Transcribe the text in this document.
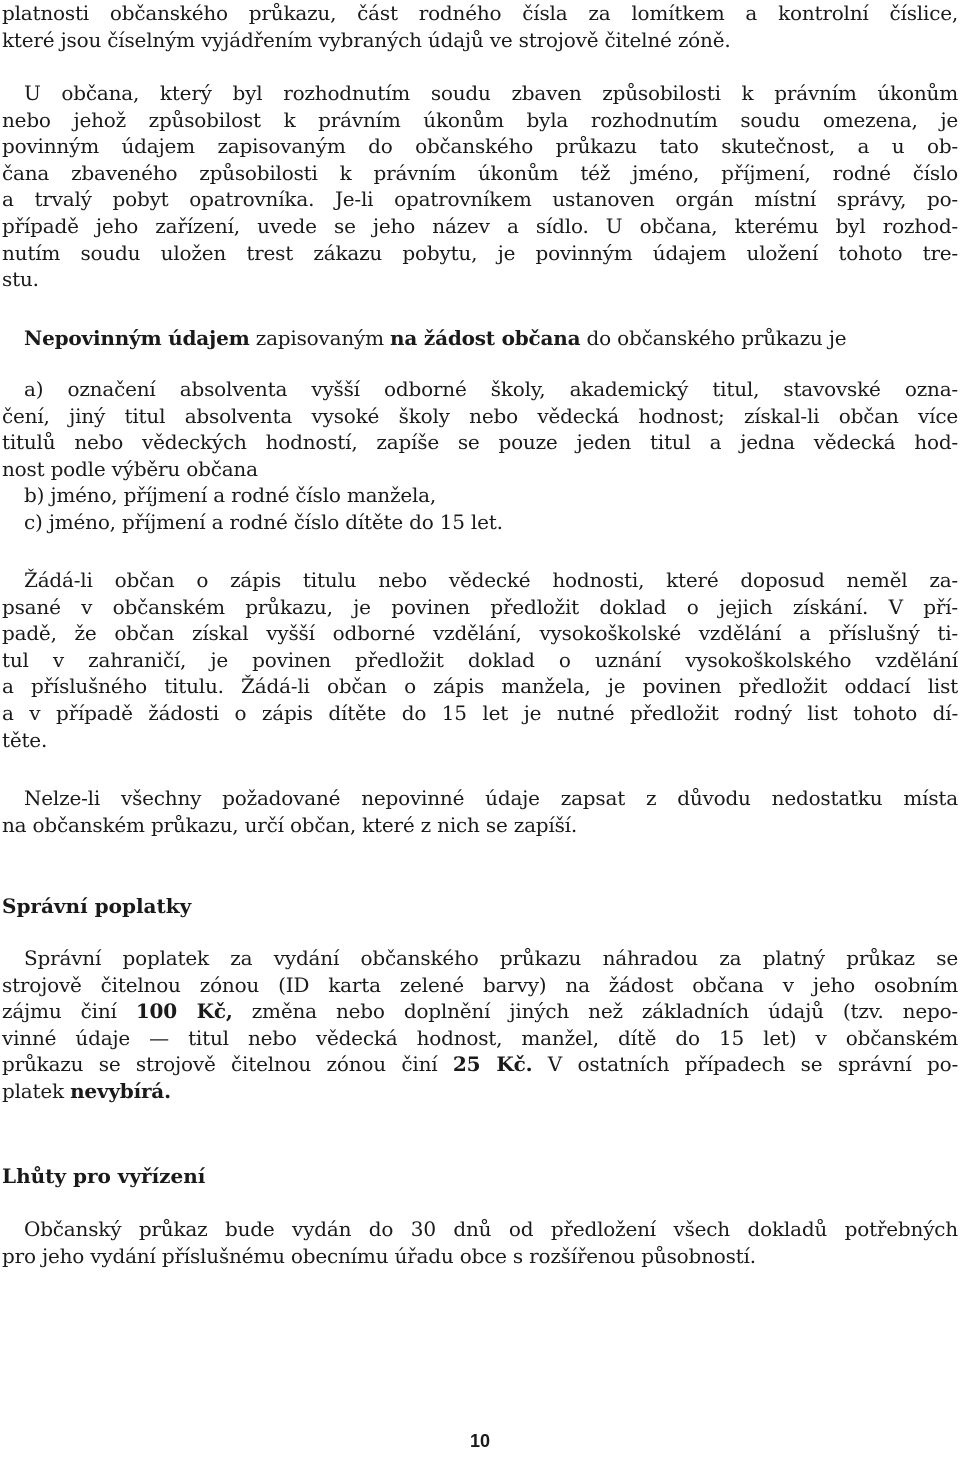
platnosti občanského průkazu, část rodného čísla za lomítkem a kontrolní číslice,
které jsou číselným vyjádřením vybraných údajů ve strojově čitelné zóně.
U občana, který byl rozhodnutím soudu zbaven způsobilosti k právním úkonům
nebo jehož způsobilost k právním úkonům byla rozhodnutím soudu omezena, je
povinným údajem zapisovaným do občanského průkazu tato skutečnost, a u ob-
čana zbaveného způsobilosti k právním úkonům též jméno, příjmení, rodné číslo
a trvalý pobyt opatrovníka. Je-li opatrovníkem ustanoven orgán místní správy, po-
případě jeho zařízení, uvede se jeho název a sídlo. U občana, kterému byl rozhod-
nutím soudu uložen trest zákazu pobytu, je povinným údajem uložení tohoto tre-
stu.
Nepovinným údajem zapisovaným na žádost občana do občanského průkazu je
a) označení absolventa vyšší odborné školy, akademický titul, stavovské ozna-
čení, jiný titul absolventa vysoké školy nebo vědecká hodnost; získal-li občan více
titulů nebo vědeckých hodností, zapíše se pouze jeden titul a jedna vědecká hod-
nost podle výběru občana
b) jméno, příjmení a rodné číslo manžela,
c) jméno, příjmení a rodné číslo dítěte do 15 let.
Žádá-li občan o zápis titulu nebo vědecké hodnosti, které doposud neměl za-
psané v občanském průkazu, je povinen předložit doklad o jejich získání. V pří-
padě, že občan získal vyšší odborné vzdělání, vysokoškolské vzdělání a příslušný ti-
tul v zahraničí, je povinen předložit doklad o uznání vysokoškolského vzdělání
a příslušného titulu. Žádá-li občan o zápis manžela, je povinen předložit oddací list
a v případě žádosti o zápis dítěte do 15 let je nutné předložit rodný list tohoto dí-
těte.
Nelze-li všechny požadované nepovinné údaje zapsat z důvodu nedostatku místa
na občanském průkazu, určí občan, které z nich se zapíší.
Správní poplatky
Správní poplatek za vydání občanského průkazu náhradou za platný průkaz se
strojově čitelnou zónou (ID karta zelené barvy) na žádost občana v jeho osobním
zájmu činí 100 Kč, změna nebo doplnění jiných než základních údajů (tzv. nepo-
vinné údaje — titul nebo vědecká hodnost, manžel, dítě do 15 let) v občanském
průkazu se strojově čitelnou zónou činí 25 Kč. V ostatních případech se správní po-
platek nevybírá.
Lhůty pro vyřízení
Občanský průkaz bude vydán do 30 dnů od předložení všech dokladů potřebných
pro jeho vydání příslušnému obecnímu úřadu obce s rozšířenou působností.
10
